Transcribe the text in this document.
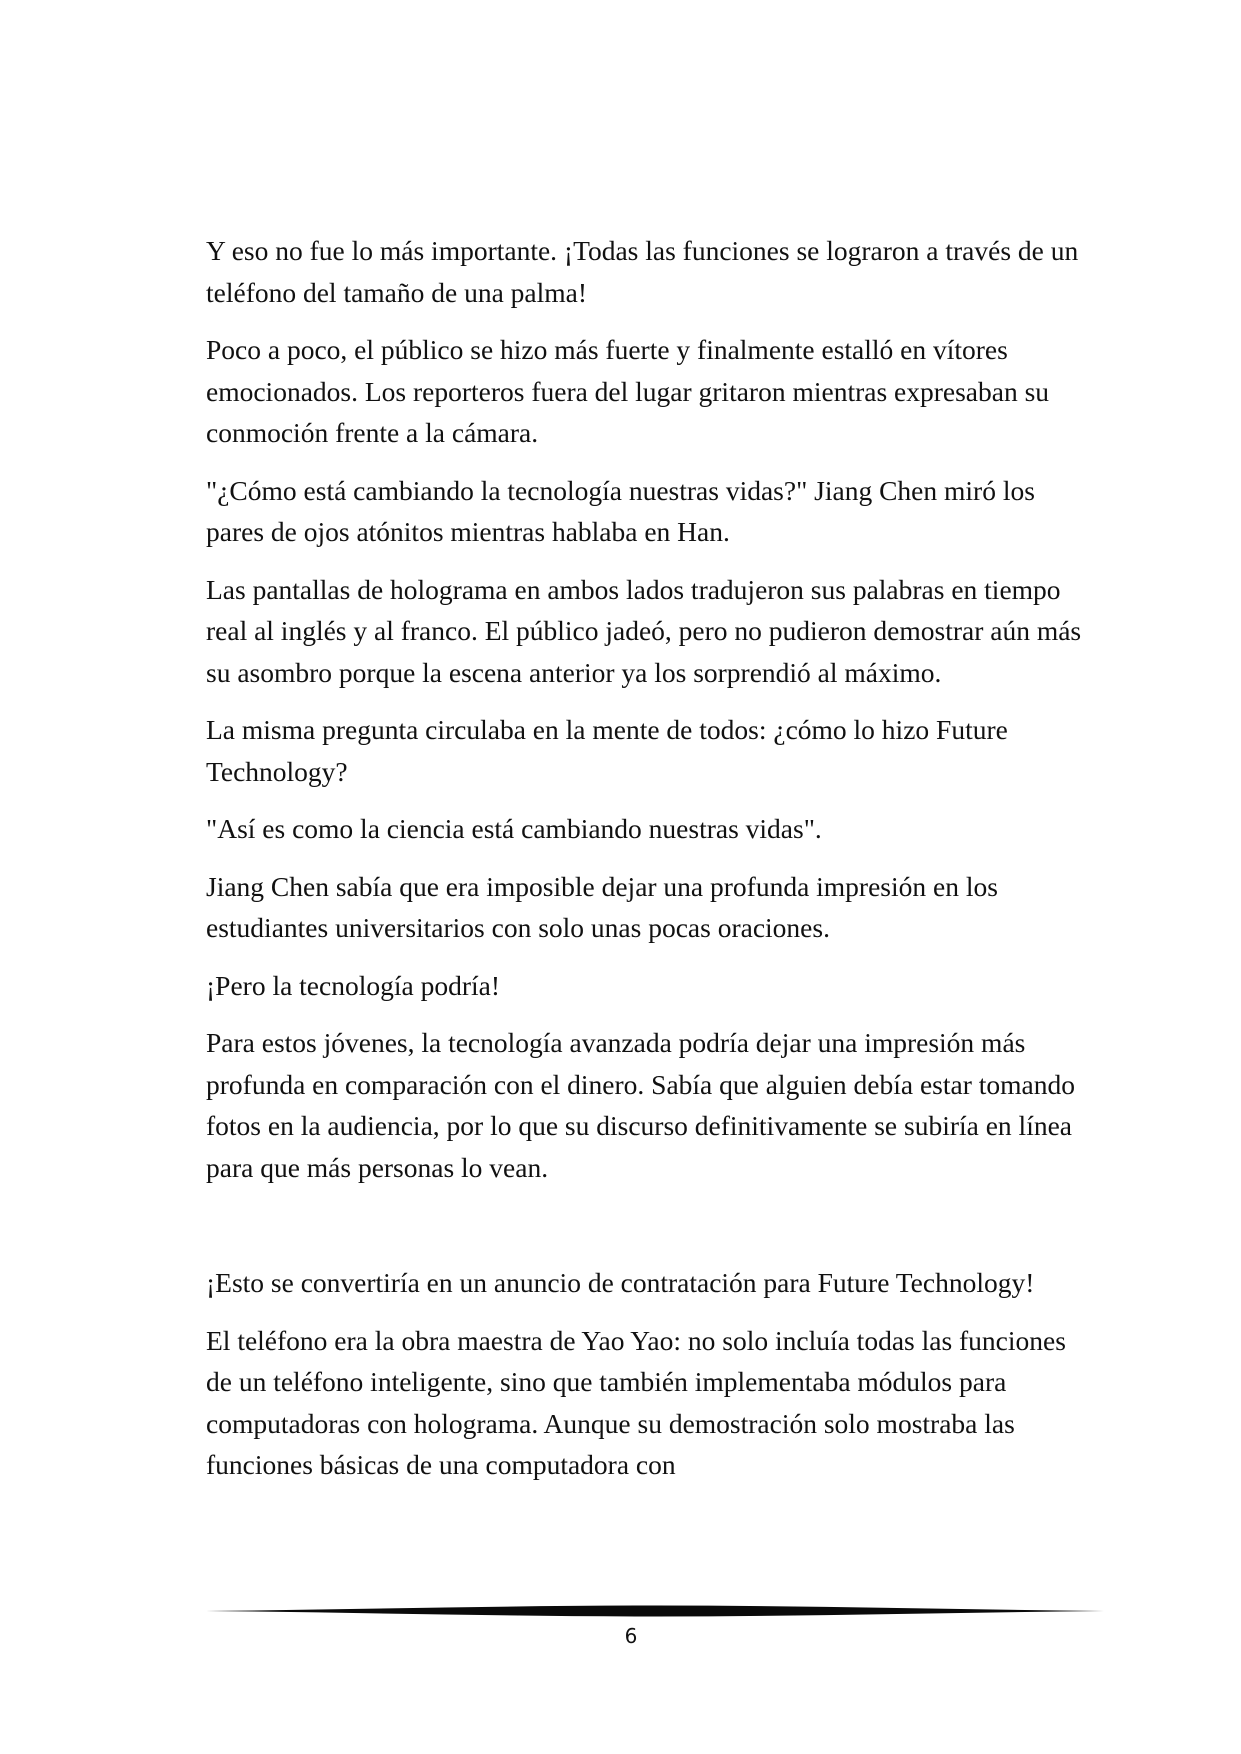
Y eso no fue lo más importante. ¡Todas las funciones se lograron a través de un teléfono del tamaño de una palma!

Poco a poco, el público se hizo más fuerte y finalmente estalló en vítores emocionados. Los reporteros fuera del lugar gritaron mientras expresaban su conmoción frente a la cámara.

"¿Cómo está cambiando la tecnología nuestras vidas?" Jiang Chen miró los pares de ojos atónitos mientras hablaba en Han.

Las pantallas de holograma en ambos lados tradujeron sus palabras en tiempo real al inglés y al franco. El público jadeó, pero no pudieron demostrar aún más su asombro porque la escena anterior ya los sorprendió al máximo.

La misma pregunta circulaba en la mente de todos: ¿cómo lo hizo Future Technology?

"Así es como la ciencia está cambiando nuestras vidas".

Jiang Chen sabía que era imposible dejar una profunda impresión en los estudiantes universitarios con solo unas pocas oraciones.

¡Pero la tecnología podría!

Para estos jóvenes, la tecnología avanzada podría dejar una impresión más profunda en comparación con el dinero. Sabía que alguien debía estar tomando fotos en la audiencia, por lo que su discurso definitivamente se subiría en línea para que más personas lo vean.

¡Esto se convertiría en un anuncio de contratación para Future Technology!

El teléfono era la obra maestra de Yao Yao: no solo incluía todas las funciones de un teléfono inteligente, sino que también implementaba módulos para computadoras con holograma. Aunque su demostración solo mostraba las funciones básicas de una computadora con

6
